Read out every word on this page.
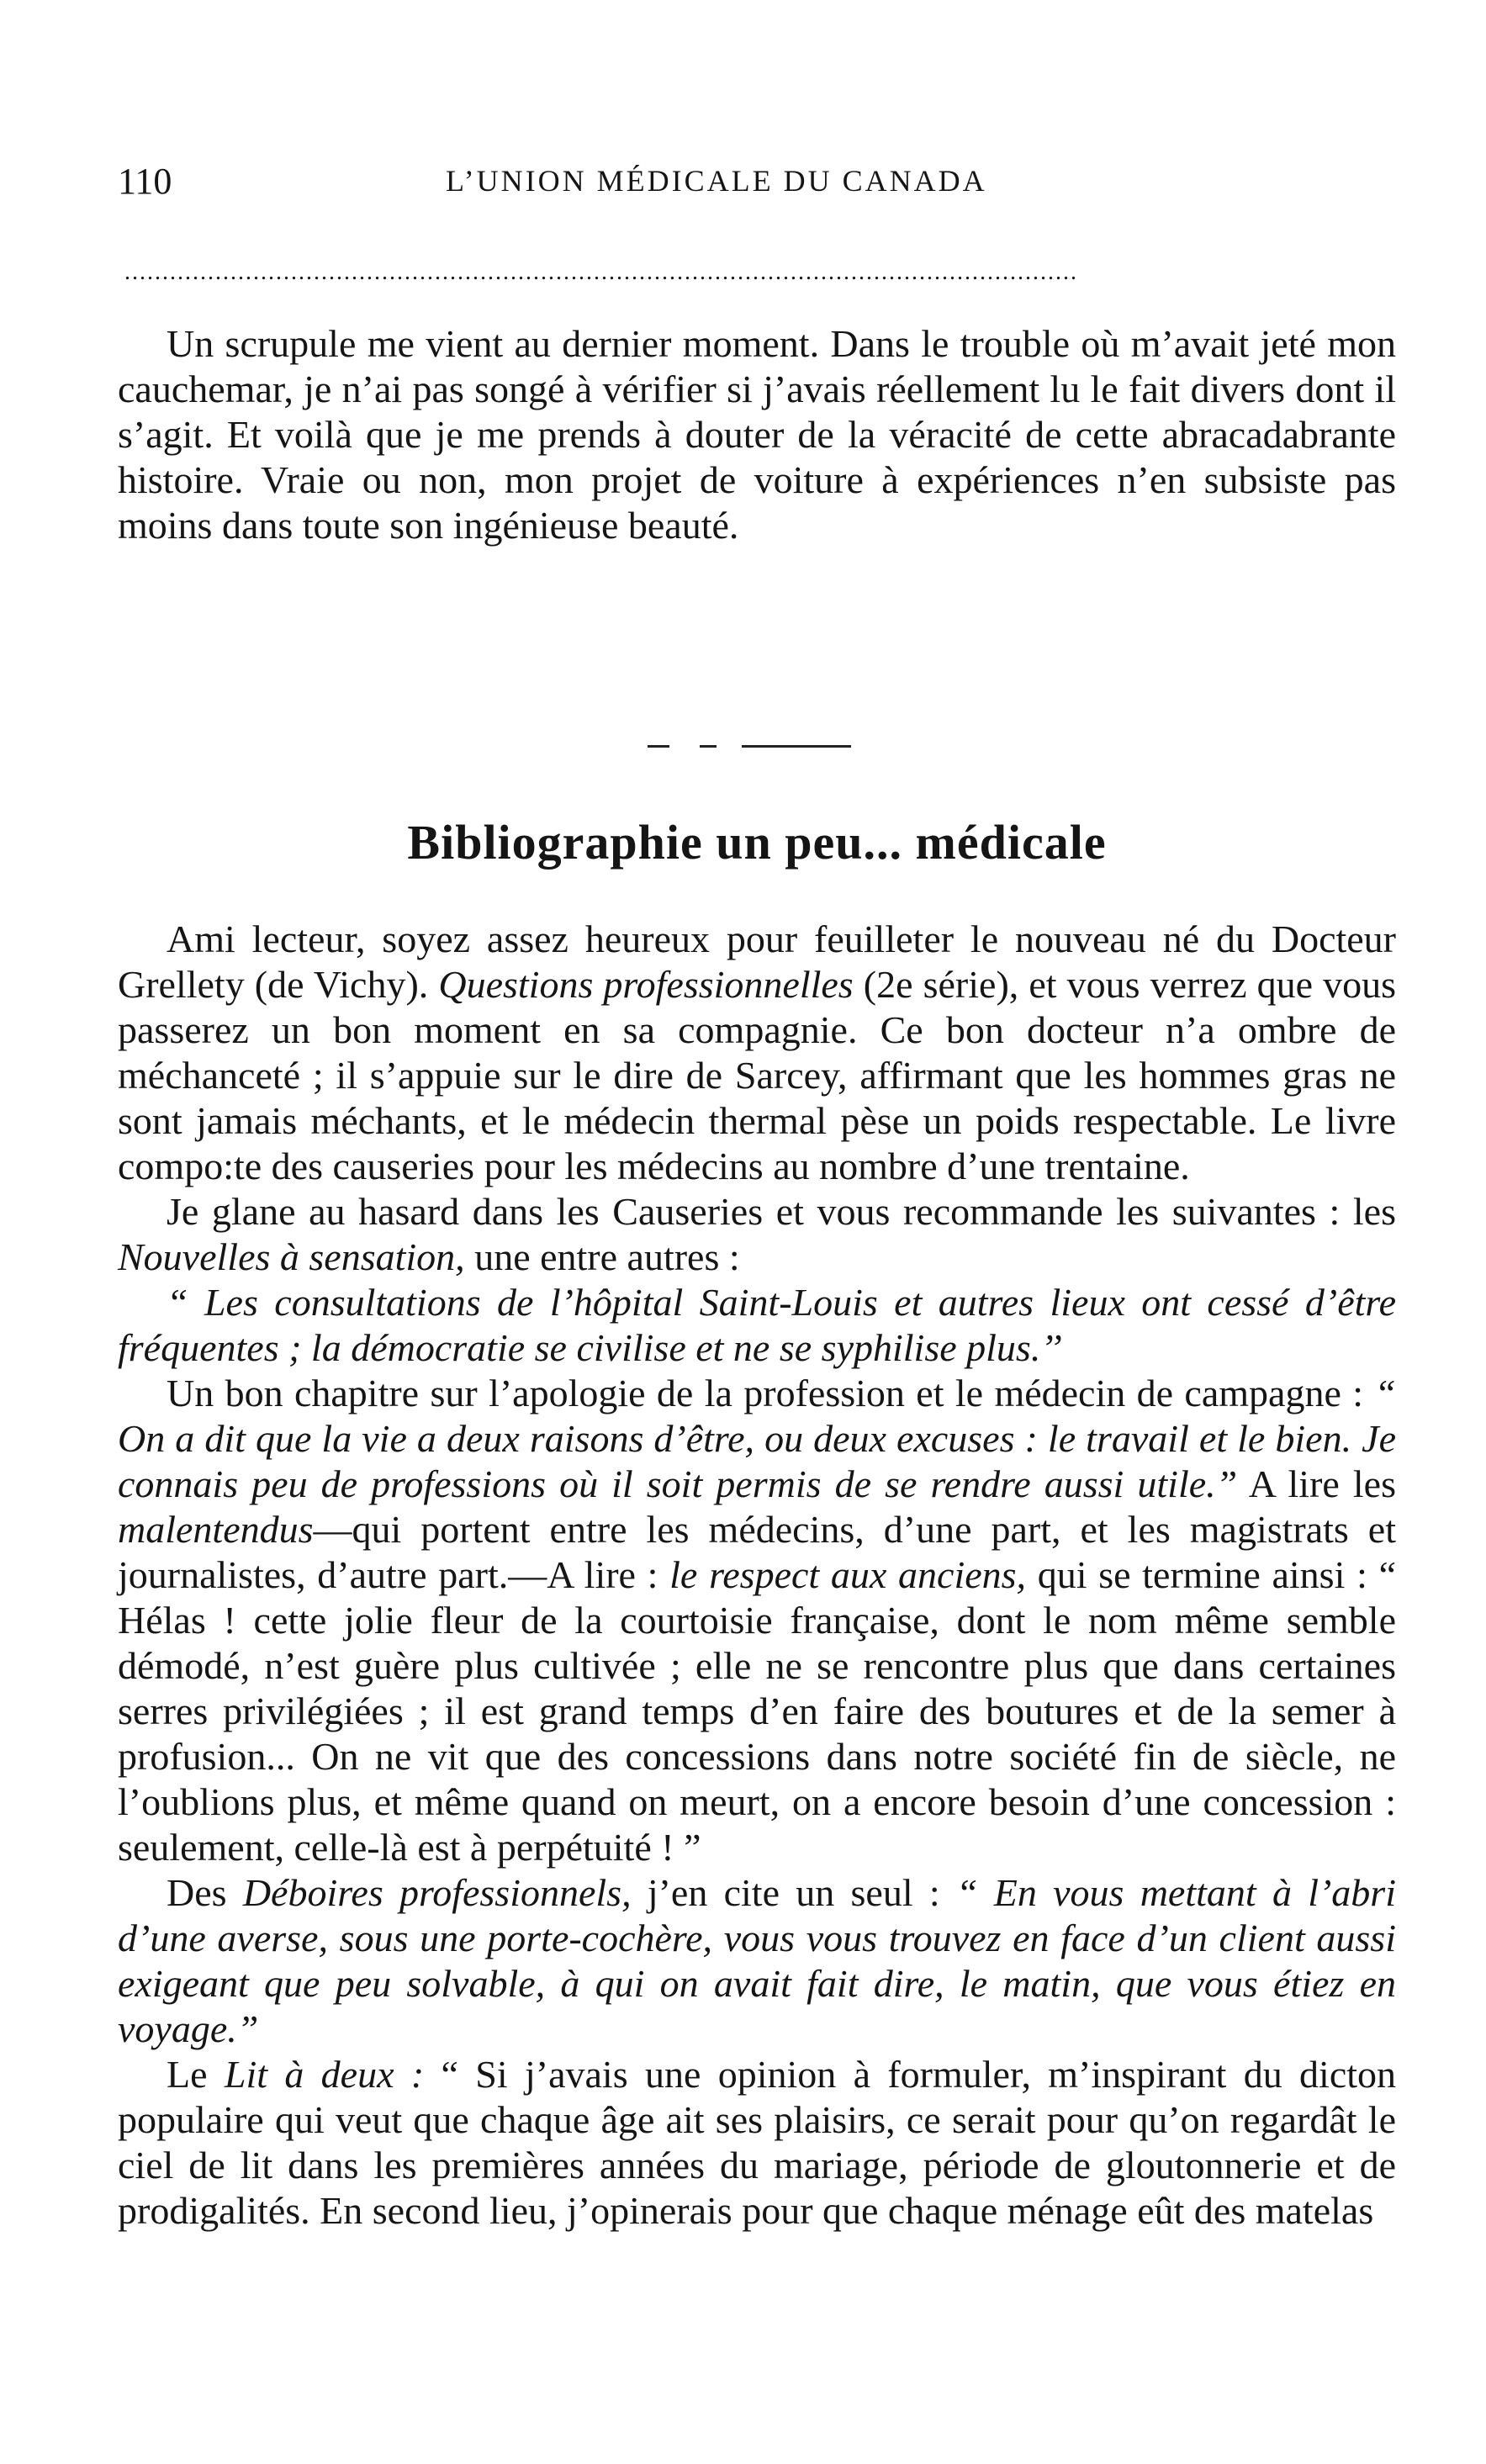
110	L’UNION MÉDICALE DU CANADA
..............................................................................................................................

Un scrupule me vient au dernier moment. Dans le trouble où m’avait jeté mon cauchemar, je n’ai pas songé à vérifier si j’avais réellement lu le fait divers dont il s’agit. Et voilà que je me prends à douter de la véracité de cette abracadabrante histoire. Vraie ou non, mon projet de voiture à expériences n’en subsiste pas moins dans toute son ingénieuse beauté.

Bibliographie un peu... médicale

Ami lecteur, soyez assez heureux pour feuilleter le nouveau né du Docteur Grellety (de Vichy). Questions professionnelles (2e série), et vous verrez que vous passerez un bon moment en sa compagnie. Ce bon docteur n’a ombre de méchanceté ; il s’appuie sur le dire de Sarcey, affirmant que les hommes gras ne sont jamais méchants, et le médecin thermal pèse un poids respectable. Le livre compo:te des causeries pour les médecins au nombre d’une trentaine.

Je glane au hasard dans les Causeries et vous recommande les suivantes : les Nouvelles à sensation, une entre autres :

“ Les consultations de l’hôpital Saint-Louis et autres lieux ont cessé d’être fréquentes ; la démocratie se civilise et ne se syphilise plus.’’

Un bon chapitre sur l’apologie de la profession et le médecin de campagne : “ On a dit que la vie a deux raisons d’être, ou deux excuses : le travail et le bien. Je connais peu de professions où il soit permis de se rendre aussi utile.” A lire les malentendus—qui portent entre les médecins, d’une part, et les magistrats et journalistes, d’autre part.—A lire : le respect aux anciens, qui se termine ainsi : “ Hélas ! cette jolie fleur de la courtoisie française, dont le nom même semble démodé, n’est guère plus cultivée ; elle ne se rencontre plus que dans certaines serres privilégiées ; il est grand temps d’en faire des boutures et de la semer à profusion... On ne vit que des concessions dans notre société fin de siècle, ne l’oublions plus, et même quand on meurt, on a encore besoin d’une concession : seulement, celle-là est à perpétuité ! ”

Des Déboires professionnels, j’en cite un seul : “ En vous mettant à l’abri d’une averse, sous une porte-cochère, vous vous trouvez en face d’un client aussi exigeant que peu solvable, à qui on avait fait dire, le matin, que vous étiez en voyage.”

Le Lit à deux : “ Si j’avais une opinion à formuler, m’inspirant du dicton populaire qui veut que chaque âge ait ses plaisirs, ce serait pour qu’on regardât le ciel de lit dans les premières années du mariage, période de gloutonnerie et de prodigalités. En second lieu, j’opinerais pour que chaque ménage eût des matelas
